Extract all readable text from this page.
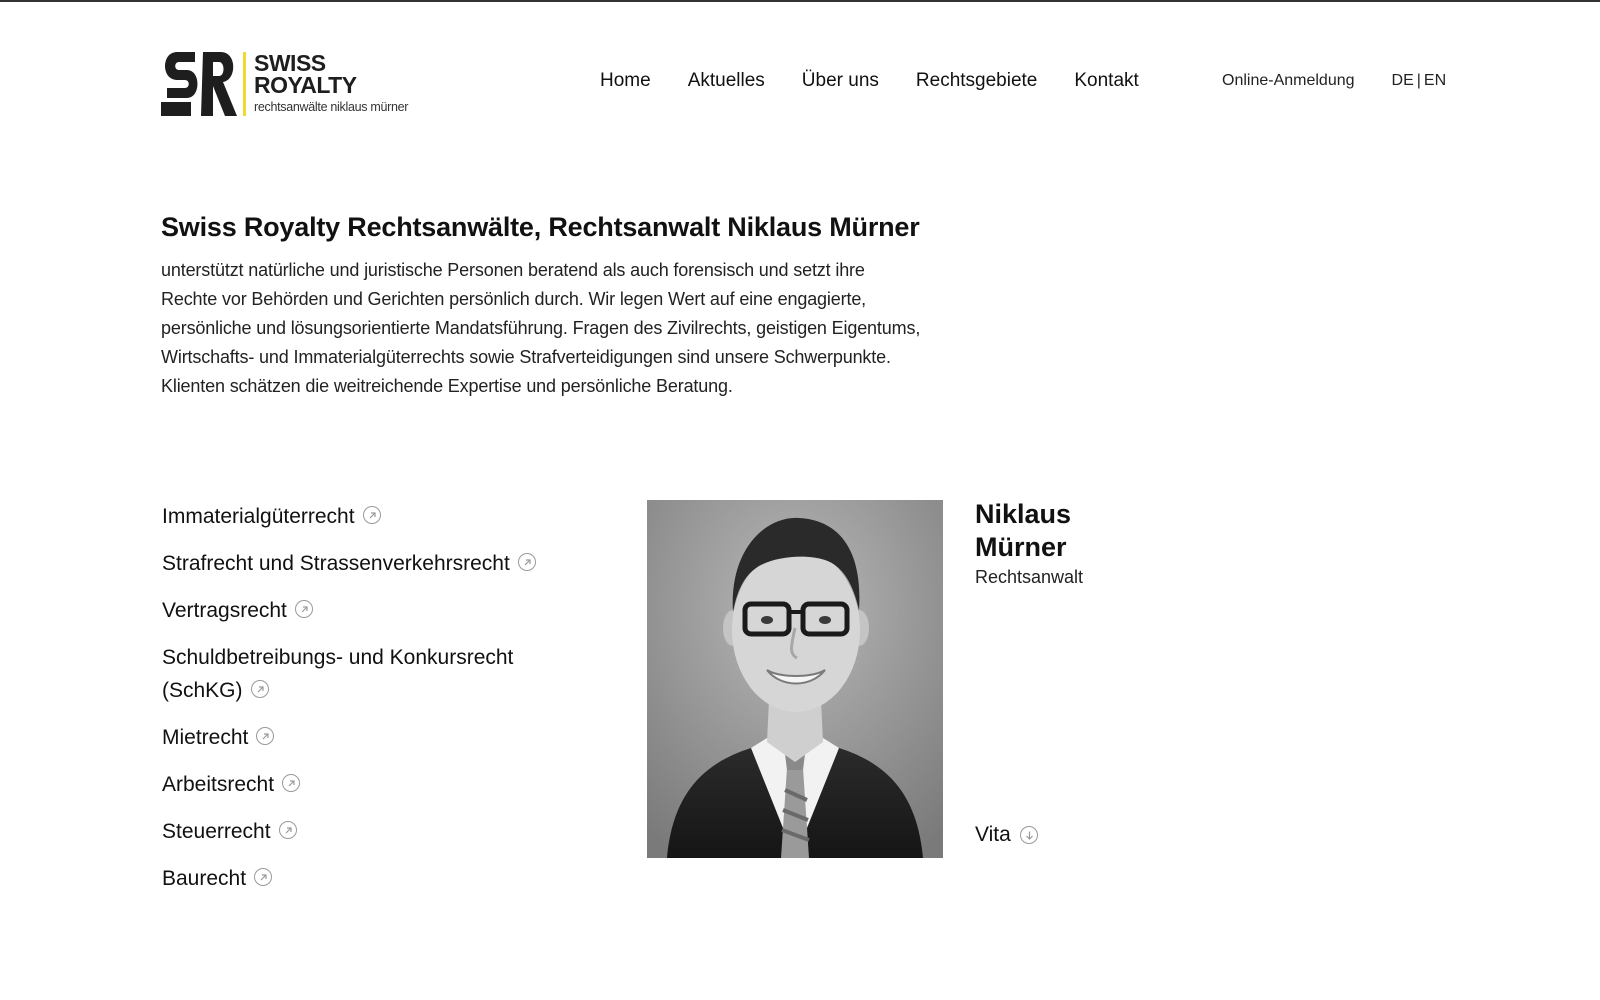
SWISS
ROYALTY
rechtsanwälte niklaus mürner
Home Aktuelles Über uns Rechtsgebiete Kontakt	Online-Anmeldung DE | EN
Swiss Royalty Rechtsanwälte, Rechtsanwalt Niklaus Mürner

unterstützt natürliche und juristische Personen beratend als auch forensisch und setzt ihre Rechte vor Behörden und Gerichten persönlich durch. Wir legen Wert auf eine engagierte, persönliche und lösungsorientierte Mandatsführung. Fragen des Zivilrechts, geistigen Eigentums, Wirtschafts- und Immaterialgüterrechts sowie Strafverteidigungen sind unsere Schwerpunkte. Klienten schätzen die weitreichende Expertise und persönliche Beratung.

Immaterialgüterrecht
Strafrecht und Strassenverkehrsrecht
Vertragsrecht
Schuldbetreibungs- und Konkursrecht (SchKG)
Mietrecht
Arbeitsrecht
Steuerrecht
Baurecht
Niklaus
Mürner
Rechtsanwalt
Vita
